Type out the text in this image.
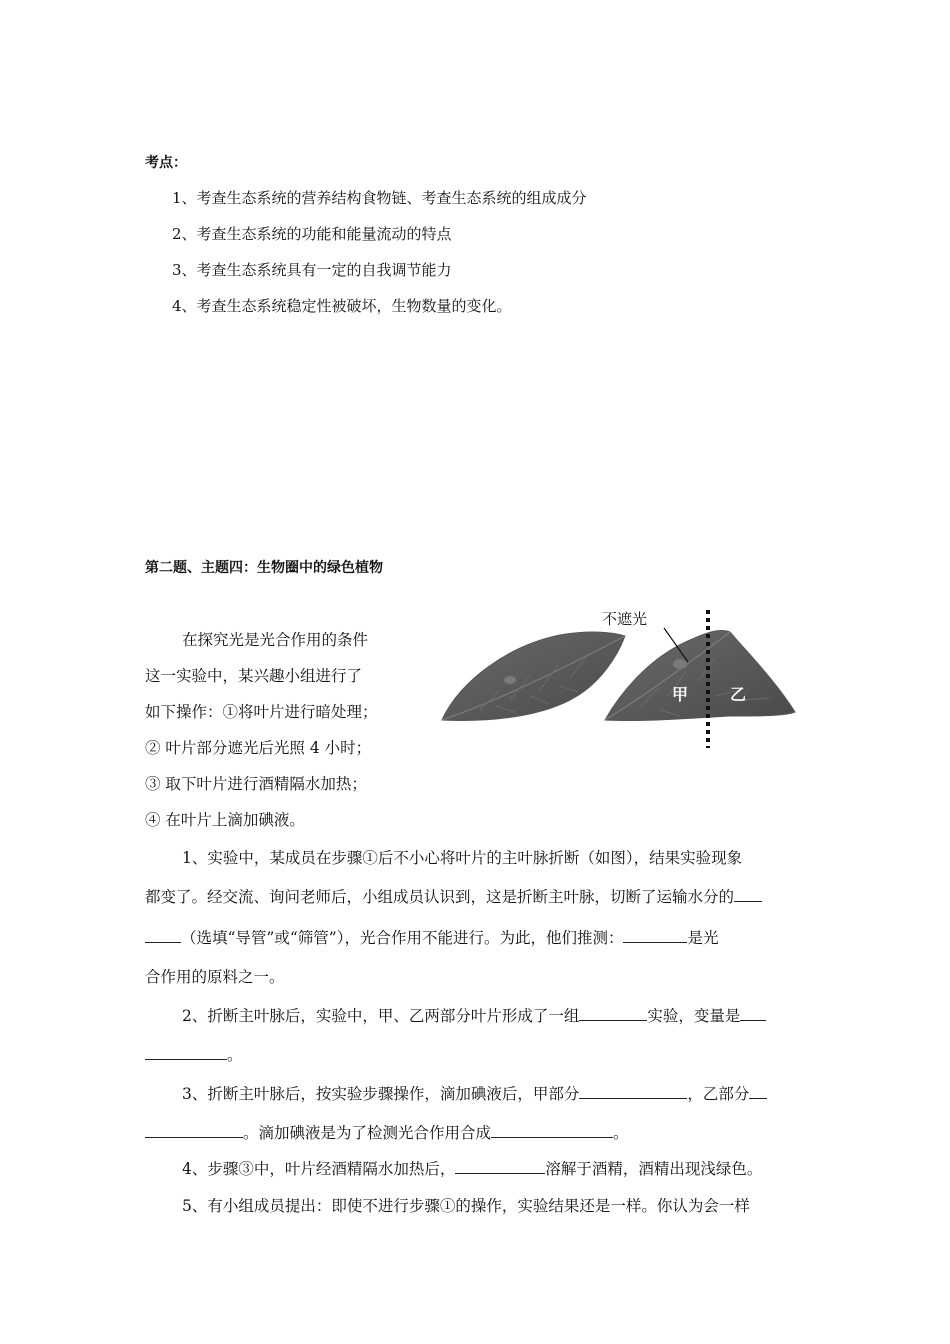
考点：
1、考查生态系统的营养结构食物链、考查生态系统的组成成分
2、考查生态系统的功能和能量流动的特点
3、考查生态系统具有一定的自我调节能力
4、考查生态系统稳定性被破坏，生物数量的变化。
第二题、主题四：生物圈中的绿色植物
在探究光是光合作用的条件
这一实验中，某兴趣小组进行了
如下操作：①将叶片进行暗处理；
② 叶片部分遮光后光照 4 小时；
③ 取下叶片进行酒精隔水加热；
④ 在叶片上滴加碘液。
不遮光
甲	乙
1、实验中，某成员在步骤①后不小心将叶片的主叶脉折断（如图），结果实验现象
都变了。经交流、询问老师后，小组成员认识到，这是折断主叶脉，切断了运输水分的
（选填“导管”或“筛管”），光合作用不能进行。为此，他们推测：	是光
合作用的原料之一。
2、折断主叶脉后，实验中，甲、乙两部分叶片形成了一组	实验，变量是
。
3、折断主叶脉后，按实验步骤操作，滴加碘液后，甲部分	，乙部分
。滴加碘液是为了检测光合作用合成	。
4、步骤③中，叶片经酒精隔水加热后，	溶解于酒精，酒精出现浅绿色。
5、有小组成员提出：即使不进行步骤①的操作，实验结果还是一样。你认为会一样
